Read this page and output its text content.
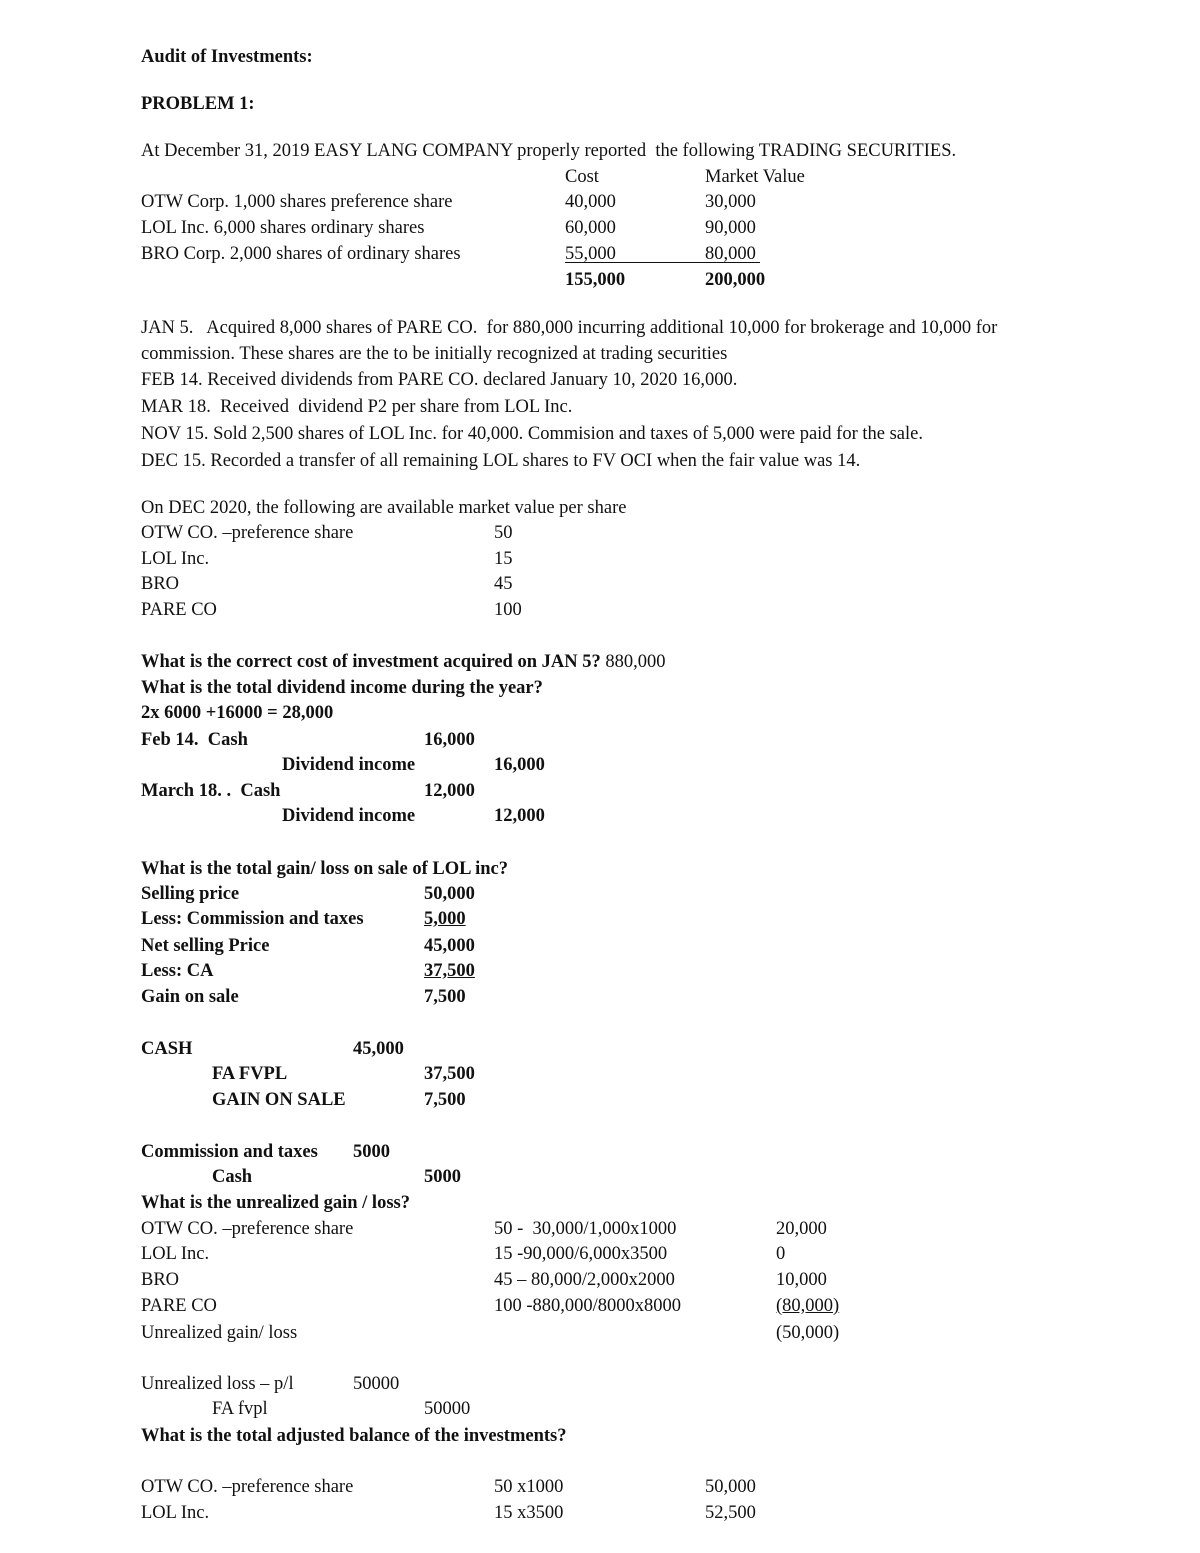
Audit of Investments:
PROBLEM 1:
At December 31, 2019 EASY LANG COMPANY properly reported  the following TRADING SECURITIES.
Cost	Market Value
OTW Corp. 1,000 shares preference share	40,000	30,000
LOL Inc. 6,000 shares ordinary shares	60,000	90,000
BRO Corp. 2,000 shares of ordinary shares	55,000	80,000
155,000	200,000
JAN 5.   Acquired 8,000 shares of PARE CO.  for 880,000 incurring additional 10,000 for brokerage and 10,000 for
commission. These shares are the to be initially recognized at trading securities
FEB 14. Received dividends from PARE CO. declared January 10, 2020 16,000.
MAR 18.  Received  dividend P2 per share from LOL Inc.
NOV 15. Sold 2,500 shares of LOL Inc. for 40,000. Commision and taxes of 5,000 were paid for the sale.
DEC 15. Recorded a transfer of all remaining LOL shares to FV OCI when the fair value was 14.
On DEC 2020, the following are available market value per share
OTW CO. –preference share	50
LOL Inc.	15
BRO	45
PARE CO	100
What is the correct cost of investment acquired on JAN 5? 880,000
What is the total dividend income during the year?
2x 6000 +16000 = 28,000
Feb 14.  Cash	16,000
Dividend income	16,000
March 18. .  Cash	12,000
Dividend income	12,000
What is the total gain/ loss on sale of LOL inc?
Selling price	50,000
Less: Commission and taxes	5,000
Net selling Price	45,000
Less: CA	37,500
Gain on sale	7,500
CASH	45,000
FA FVPL	37,500
GAIN ON SALE	7,500
Commission and taxes 5000
Cash	5000
What is the unrealized gain / loss?
OTW CO. –preference share	50 -  30,000/1,000x1000	20,000
LOL Inc.	15 -90,000/6,000x3500	0
BRO	45 – 80,000/2,000x2000	10,000
PARE CO	100 -880,000/8000x8000	(80,000)
Unrealized gain/ loss	(50,000)
Unrealized loss – p/l	50000
FA fvpl	50000
What is the total adjusted balance of the investments?
OTW CO. –preference share	50 x1000	50,000
LOL Inc.	15 x3500	52,500
